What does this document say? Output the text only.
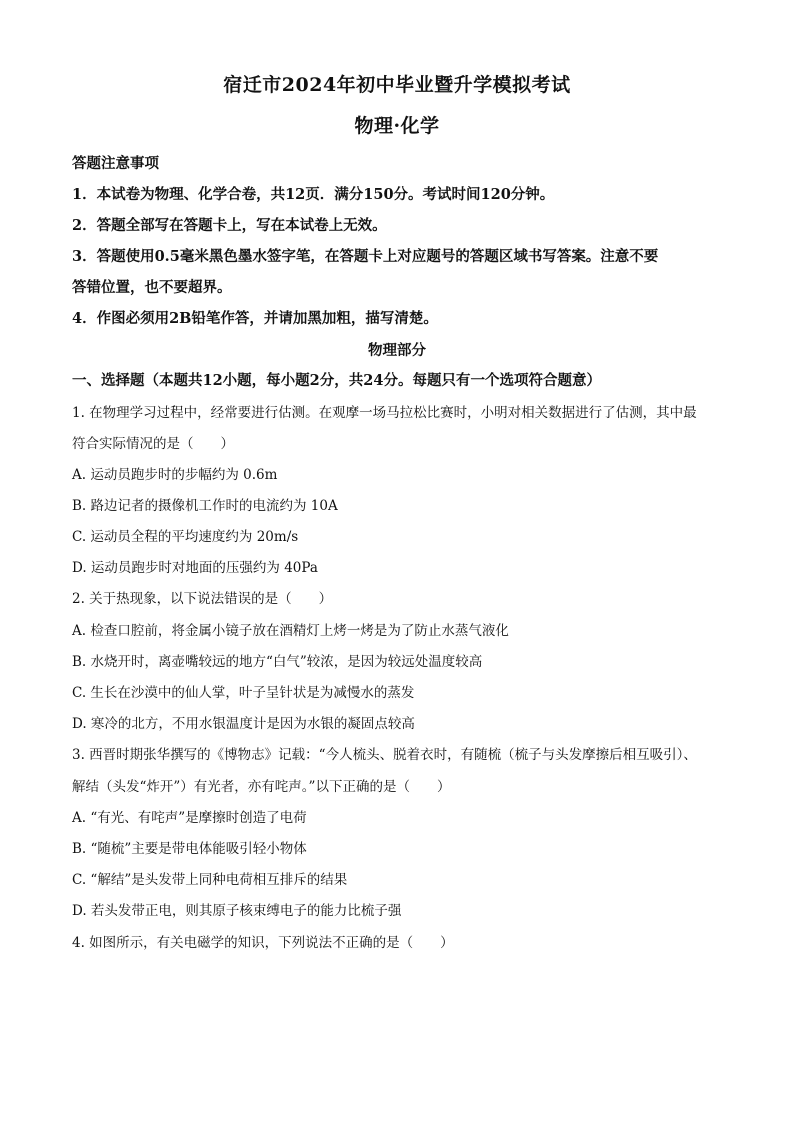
宿迁市2024年初中毕业暨升学模拟考试
物理·化学
答题注意事项
1．本试卷为物理、化学合卷，共12页．满分150分。考试时间120分钟。
2．答题全部写在答题卡上，写在本试卷上无效。
3．答题使用0.5毫米黑色墨水签字笔，在答题卡上对应题号的答题区域书写答案。注意不要
答错位置，也不要超界。
4．作图必须用2B铅笔作答，并请加黑加粗，描写清楚。
物理部分
一、选择题（本题共12小题，每小题2分，共24分。每题只有一个选项符合题意）
1. 在物理学习过程中，经常要进行估测。在观摩一场马拉松比赛时，小明对相关数据进行了估测，其中最
符合实际情况的是（　　）
A. 运动员跑步时的步幅约为 0.6m
B. 路边记者的摄像机工作时的电流约为 10A
C. 运动员全程的平均速度约为 20m/s
D. 运动员跑步时对地面的压强约为 40Pa
2. 关于热现象，以下说法错误的是（　　）
A. 检查口腔前，将金属小镜子放在酒精灯上烤一烤是为了防止水蒸气液化
B. 水烧开时，离壶嘴较远的地方“白气”较浓，是因为较远处温度较高
C. 生长在沙漠中的仙人掌，叶子呈针状是为减慢水的蒸发
D. 寒冷的北方，不用水银温度计是因为水银的凝固点较高
3. 西晋时期张华撰写的《博物志》记载：“今人梳头、脱着衣时，有随梳（梳子与头发摩擦后相互吸引）、
解结（头发“炸开”）有光者，亦有咤声。”以下正确的是（　　）
A. “有光、有咤声”是摩擦时创造了电荷
B. “随梳”主要是带电体能吸引轻小物体
C. “解结”是头发带上同种电荷相互排斥的结果
D. 若头发带正电，则其原子核束缚电子的能力比梳子强
4. 如图所示，有关电磁学的知识，下列说法不正确的是（　　）
